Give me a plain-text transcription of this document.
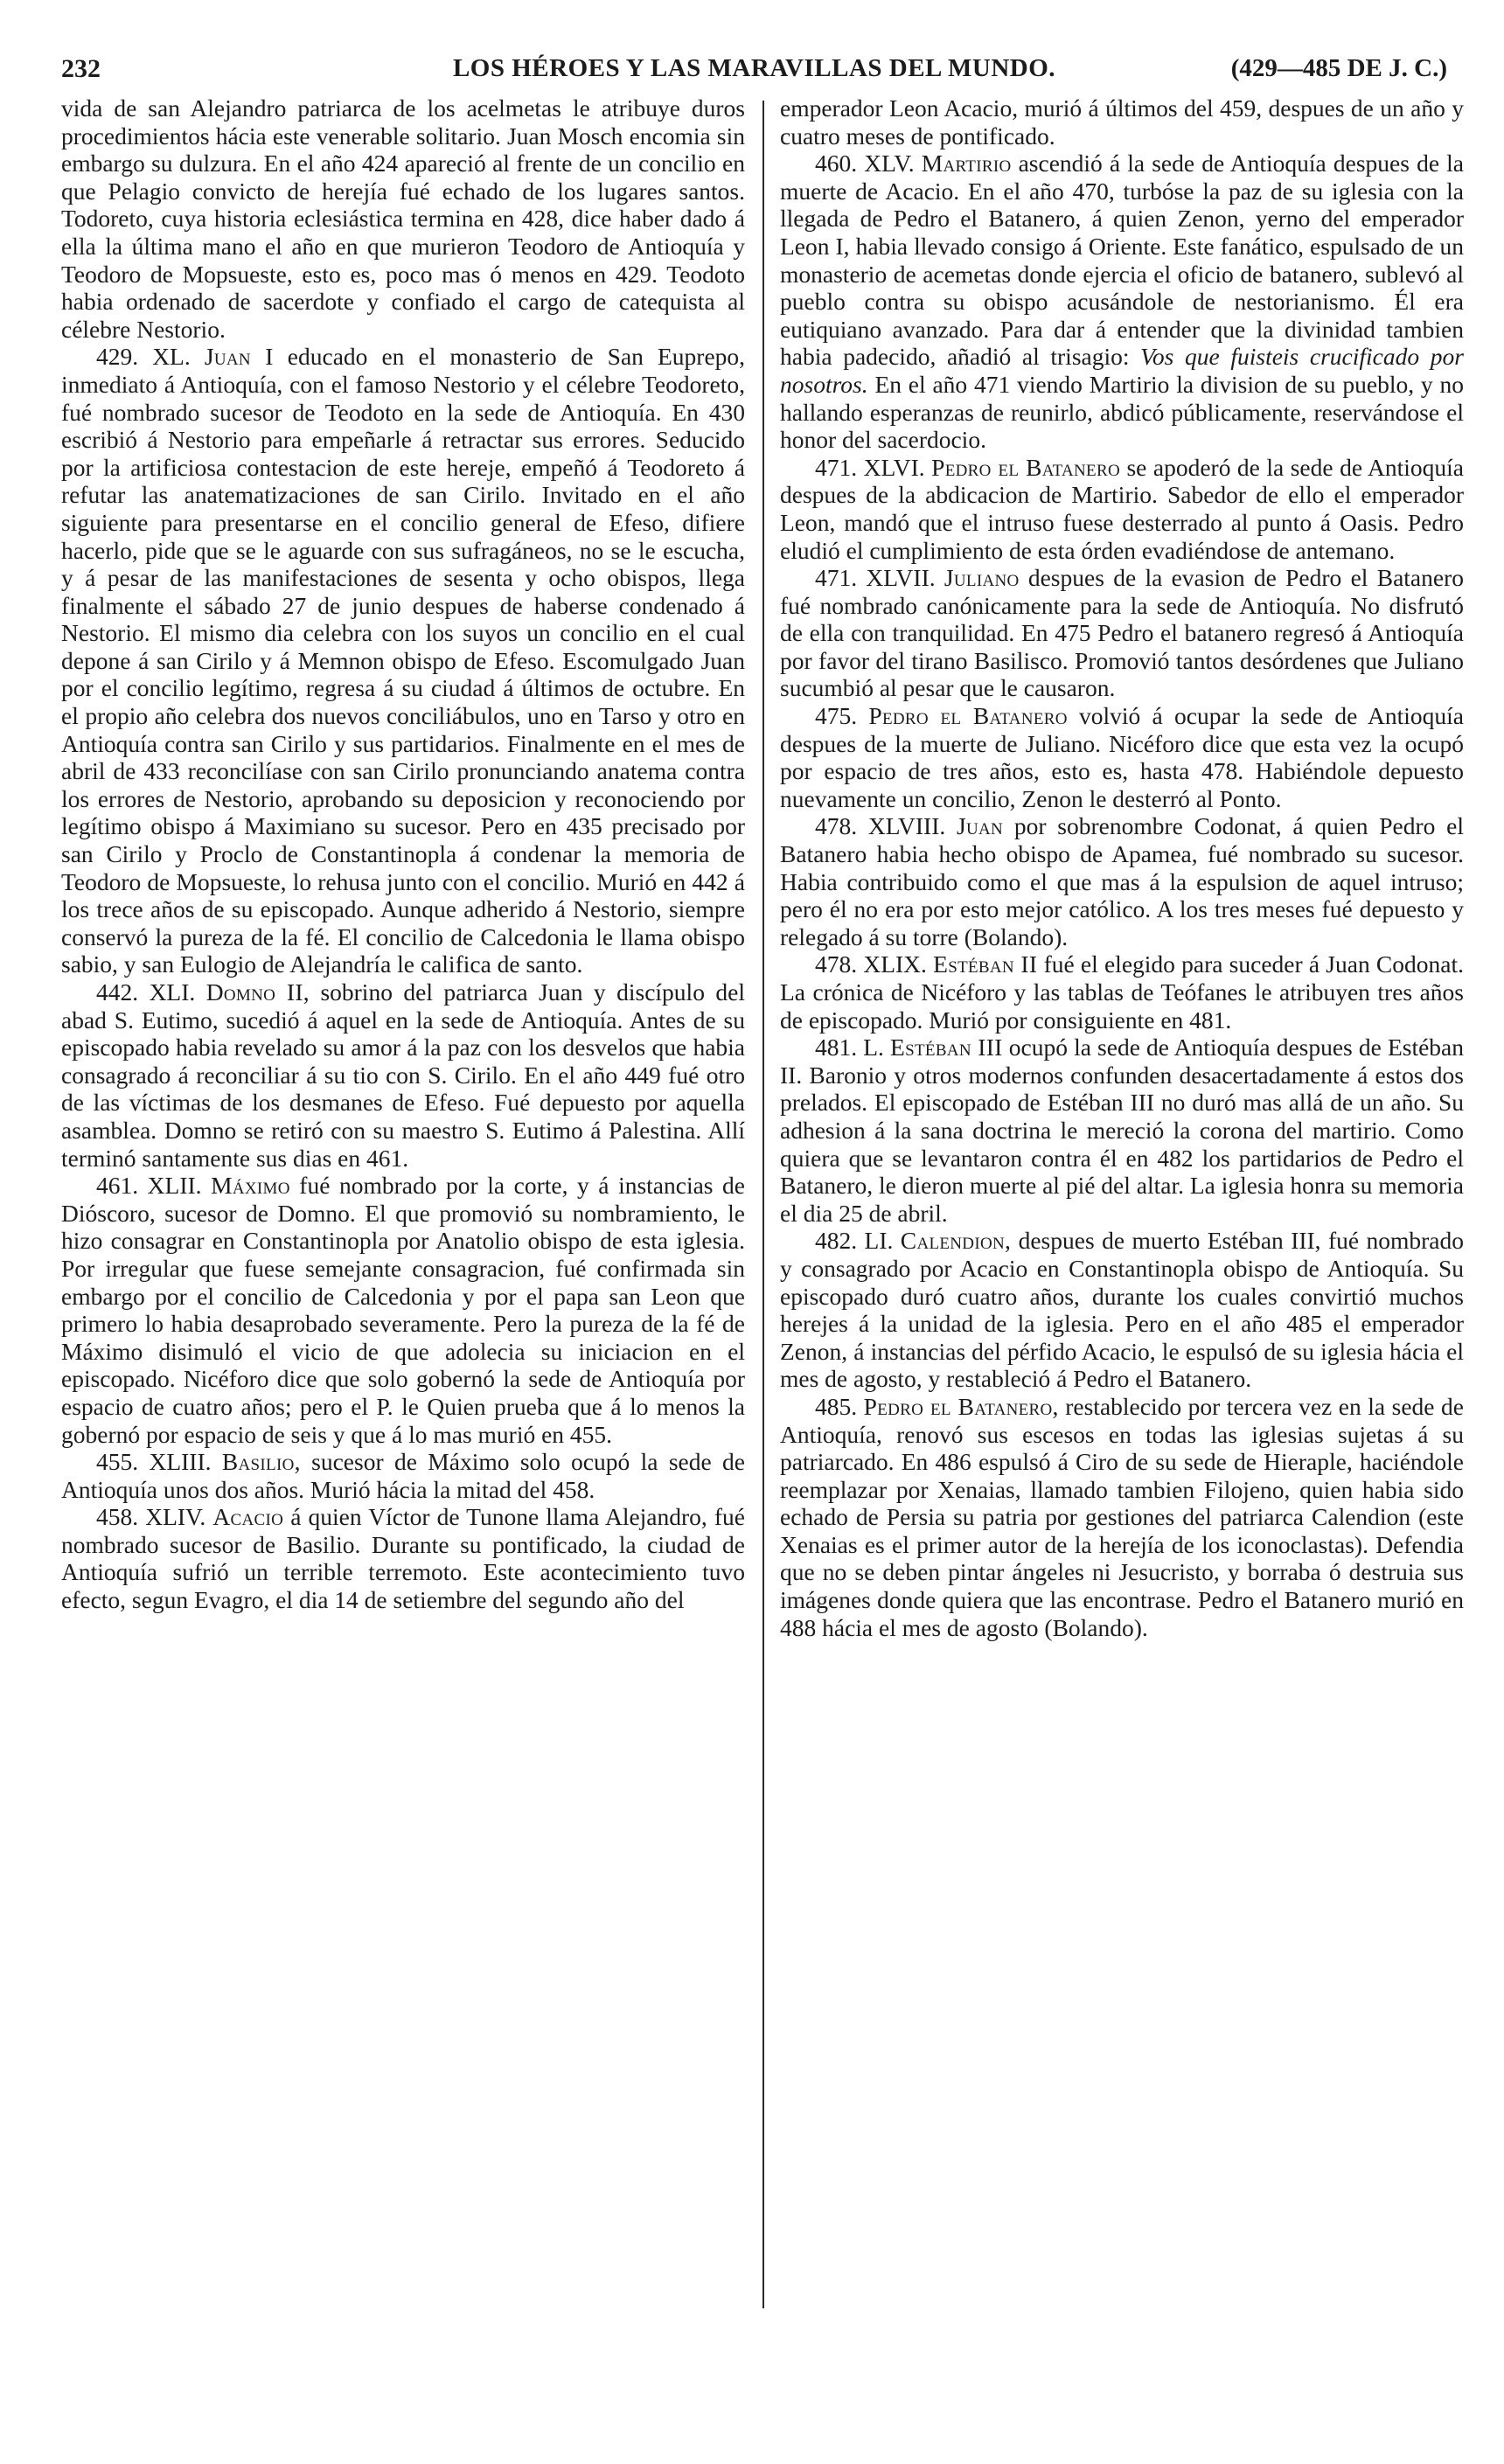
232	LOS HÉROES Y LAS MARAVILLAS DEL MUNDO.	(429—485 DE J. C.)

vida de san Alejandro patriarca de los acelmetas le atribuye duros procedimientos hácia este venerable solitario. Juan Mosch encomia sin embargo su dulzura. En el año 424 apareció al frente de un concilio en que Pelagio convicto de herejía fué echado de los lugares santos. Todoreto, cuya historia eclesiástica termina en 428, dice haber dado á ella la última mano el año en que murieron Teodoro de Antioquía y Teodoro de Mopsueste, esto es, poco mas ó menos en 429. Teodoto habia ordenado de sacerdote y confiado el cargo de catequista al célebre Nestorio.

429. XL. Juan I educado en el monasterio de San Euprepo, inmediato á Antioquía, con el famoso Nestorio y el célebre Teodoreto, fué nombrado sucesor de Teodoto en la sede de Antioquía. En 430 escribió á Nestorio para empeñarle á retractar sus errores. Seducido por la artificiosa contestacion de este hereje, empeñó á Teodoreto á refutar las anatematizaciones de san Cirilo. Invitado en el año siguiente para presentarse en el concilio general de Efeso, difiere hacerlo, pide que se le aguarde con sus sufragáneos, no se le escucha, y á pesar de las manifestaciones de sesenta y ocho obispos, llega finalmente el sábado 27 de junio despues de haberse condenado á Nestorio. El mismo dia celebra con los suyos un concilio en el cual depone á san Cirilo y á Memnon obispo de Efeso. Escomulgado Juan por el concilio legítimo, regresa á su ciudad á últimos de octubre. En el propio año celebra dos nuevos conciliábulos, uno en Tarso y otro en Antioquía contra san Cirilo y sus partidarios. Finalmente en el mes de abril de 433 reconcilíase con san Cirilo pronunciando anatema contra los errores de Nestorio, aprobando su deposicion y reconociendo por legítimo obispo á Maximiano su sucesor. Pero en 435 precisado por san Cirilo y Proclo de Constantinopla á condenar la memoria de Teodoro de Mopsueste, lo rehusa junto con el concilio. Murió en 442 á los trece años de su episcopado. Aunque adherido á Nestorio, siempre conservó la pureza de la fé. El concilio de Calcedonia le llama obispo sabio, y san Eulogio de Alejandría le califica de santo.

442. XLI. Domno II, sobrino del patriarca Juan y discípulo del abad S. Eutimo, sucedió á aquel en la sede de Antioquía. Antes de su episcopado habia revelado su amor á la paz con los desvelos que habia consagrado á reconciliar á su tio con S. Cirilo. En el año 449 fué otro de las víctimas de los desmanes de Efeso. Fué depuesto por aquella asamblea. Domno se retiró con su maestro S. Eutimo á Palestina. Allí terminó santamente sus dias en 461.

461. XLII. Máximo fué nombrado por la corte, y á instancias de Dióscoro, sucesor de Domno. El que promovió su nombramiento, le hizo consagrar en Constantinopla por Anatolio obispo de esta iglesia. Por irregular que fuese semejante consagracion, fué confirmada sin embargo por el concilio de Calcedonia y por el papa san Leon que primero lo habia desaprobado severamente. Pero la pureza de la fé de Máximo disimuló el vicio de que adolecia su iniciacion en el episcopado. Nicéforo dice que solo gobernó la sede de Antioquía por espacio de cuatro años; pero el P. le Quien prueba que á lo menos la gobernó por espacio de seis y que á lo mas murió en 455.

455. XLIII. Basilio, sucesor de Máximo solo ocupó la sede de Antioquía unos dos años. Murió hácia la mitad del 458.

458. XLIV. Acacio á quien Víctor de Tunone llama Alejandro, fué nombrado sucesor de Basilio. Durante su pontificado, la ciudad de Antioquía sufrió un terrible terremoto. Este acontecimiento tuvo efecto, segun Evagro, el dia 14 de setiembre del segundo año del

emperador Leon Acacio, murió á últimos del 459, despues de un año y cuatro meses de pontificado.

460. XLV. Martirio ascendió á la sede de Antioquía despues de la muerte de Acacio. En el año 470, turbóse la paz de su iglesia con la llegada de Pedro el Batanero, á quien Zenon, yerno del emperador Leon I, habia llevado consigo á Oriente. Este fanático, espulsado de un monasterio de acemetas donde ejercia el oficio de batanero, sublevó al pueblo contra su obispo acusándole de nestorianismo. Él era eutiquiano avanzado. Para dar á entender que la divinidad tambien habia padecido, añadió al trisagio: Vos que fuisteis crucificado por nosotros. En el año 471 viendo Martirio la division de su pueblo, y no hallando esperanzas de reunirlo, abdicó públicamente, reservándose el honor del sacerdocio.

471. XLVI. Pedro el Batanero se apoderó de la sede de Antioquía despues de la abdicacion de Martirio. Sabedor de ello el emperador Leon, mandó que el intruso fuese desterrado al punto á Oasis. Pedro eludió el cumplimiento de esta órden evadiéndose de antemano.

471. XLVII. Juliano despues de la evasion de Pedro el Batanero fué nombrado canónicamente para la sede de Antioquía. No disfrutó de ella con tranquilidad. En 475 Pedro el batanero regresó á Antioquía por favor del tirano Basilisco. Promovió tantos desórdenes que Juliano sucumbió al pesar que le causaron.

475. Pedro el Batanero volvió á ocupar la sede de Antioquía despues de la muerte de Juliano. Nicéforo dice que esta vez la ocupó por espacio de tres años, esto es, hasta 478. Habiéndole depuesto nuevamente un concilio, Zenon le desterró al Ponto.

478. XLVIII. Juan por sobrenombre Codonat, á quien Pedro el Batanero habia hecho obispo de Apamea, fué nombrado su sucesor. Habia contribuido como el que mas á la espulsion de aquel intruso; pero él no era por esto mejor católico. A los tres meses fué depuesto y relegado á su torre (Bolando).

478. XLIX. Estéban II fué el elegido para suceder á Juan Codonat. La crónica de Nicéforo y las tablas de Teófanes le atribuyen tres años de episcopado. Murió por consiguiente en 481.

481. L. Estéban III ocupó la sede de Antioquía despues de Estéban II. Baronio y otros modernos confunden desacertadamente á estos dos prelados. El episcopado de Estéban III no duró mas allá de un año. Su adhesion á la sana doctrina le mereció la corona del martirio. Como quiera que se levantaron contra él en 482 los partidarios de Pedro el Batanero, le dieron muerte al pié del altar. La iglesia honra su memoria el dia 25 de abril.

482. LI. Calendion, despues de muerto Estéban III, fué nombrado y consagrado por Acacio en Constantinopla obispo de Antioquía. Su episcopado duró cuatro años, durante los cuales convirtió muchos herejes á la unidad de la iglesia. Pero en el año 485 el emperador Zenon, á instancias del pérfido Acacio, le espulsó de su iglesia hácia el mes de agosto, y restableció á Pedro el Batanero.

485. Pedro el Batanero, restablecido por tercera vez en la sede de Antioquía, renovó sus escesos en todas las iglesias sujetas á su patriarcado. En 486 espulsó á Ciro de su sede de Hieraple, haciéndole reemplazar por Xenaias, llamado tambien Filojeno, quien habia sido echado de Persia su patria por gestiones del patriarca Calendion (este Xenaias es el primer autor de la herejía de los iconoclastas). Defendia que no se deben pintar ángeles ni Jesucristo, y borraba ó destruia sus imágenes donde quiera que las encontrase. Pedro el Batanero murió en 488 hácia el mes de agosto (Bolando).
